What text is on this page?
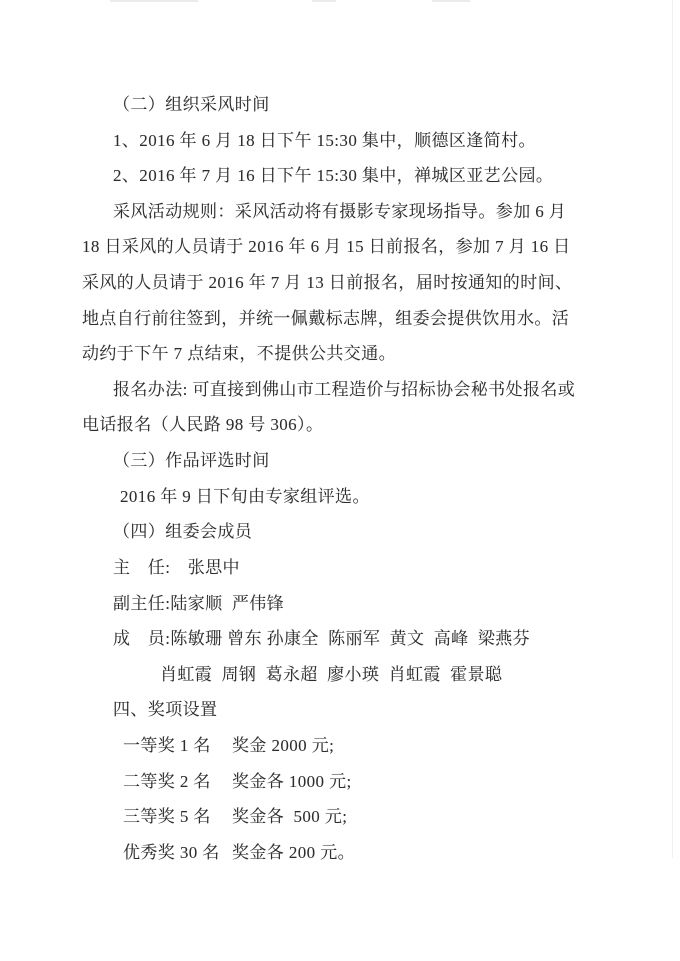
（二）组织采风时间
1、2016 年 6 月 18 日下午 15:30 集中，顺德区逢简村。
2、2016 年 7 月 16 日下午 15:30 集中，禅城区亚艺公园。
采风活动规则：采风活动将有摄影专家现场指导。参加 6 月
18 日采风的人员请于 2016 年 6 月 15 日前报名，参加 7 月 16 日
采风的人员请于 2016 年 7 月 13 日前报名，届时按通知的时间、
地点自行前往签到，并统一佩戴标志牌，组委会提供饮用水。活
动约于下午 7 点结束，不提供公共交通。
报名办法: 可直接到佛山市工程造价与招标协会秘书处报名或
电话报名（人民路 98 号 306）。
（三）作品评选时间
2016 年 9 日下旬由专家组评选。
（四）组委会成员
主　任:　张思中
副主任:陆家顺  严伟锋
成　员:陈敏珊 曾东 孙康全  陈丽军  黄文  高峰  梁燕芬
肖虹霞  周钢  葛永超  廖小瑛  肖虹霞  霍景聪
四、奖项设置
一等奖 1 名 奖金 2000 元;
二等奖 2 名 奖金各 1000 元;
三等奖 5 名 奖金各  500 元;
优秀奖 30 名 奖金各 200 元。
